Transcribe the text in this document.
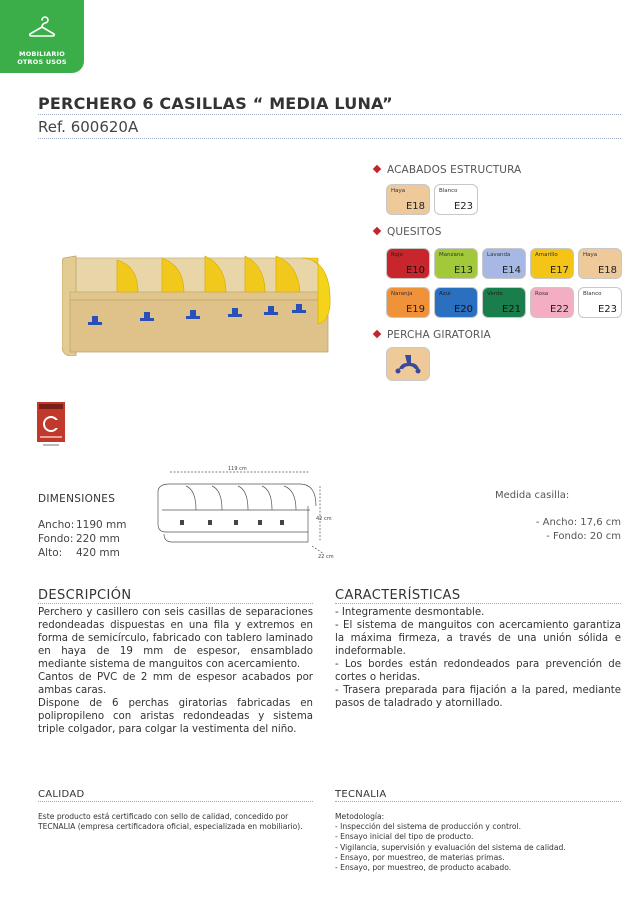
MOBILIARIO
OTROS USOS
PERCHERO 6 CASILLAS “ MEDIA LUNA”
Ref. 600620A
ACABADOS ESTRUCTURA
Haya
E18
Blanco
E23
QUESITOS
Rojo
E10
Manzana
E13
Lavanda
E14
Amarillo
E17
Haya
E18
Naranja
E19
Azul
E20
Verde
E21
Rosa
E22
Blanco
E23
PERCHA GIRATORIA
DIMENSIONES
Ancho: 1190 mm
Fondo: 220 mm
Alto: 420 mm
119 cm
42 cm
22 cm
Medida casilla:
- Ancho: 17,6 cm
- Fondo: 20 cm
DESCRIPCIÓN

Perchero y casillero con seis casillas de separaciones redondeadas dispuestas en una fila y extremos en forma de semicírculo, fabricado con tablero laminado en haya de 19 mm de espesor, ensamblado mediante sistema de manguitos con acercamiento.

Cantos de PVC de 2 mm de espesor acabados por ambas caras.

Dispone de 6 perchas giratorias fabricadas en polipropileno con aristas redondeadas y sistema triple colgador, para colgar la vestimenta del niño.

CARACTERÍSTICAS

- Integramente desmontable.

- El sistema de manguitos con acercamiento garantiza la máxima firmeza, a través de una unión sólida e indeformable.

- Los bordes están redondeados para prevención de cortes o heridas.

- Trasera preparada para fijación a la pared, mediante pasos de taladrado y atornillado.

CALIDAD
Este producto está certificado con sello de calidad, concedido por TECNALIA (empresa certificadora oficial, especializada en mobiliario).
TECNALIA
Metodología:
- Inspección del sistema de producción y control.
- Ensayo inicial del tipo de producto.
- Vigilancia, supervisión y evaluación del sistema de calidad.
- Ensayo, por muestreo, de materias primas.
- Ensayo, por muestreo, de producto acabado.
